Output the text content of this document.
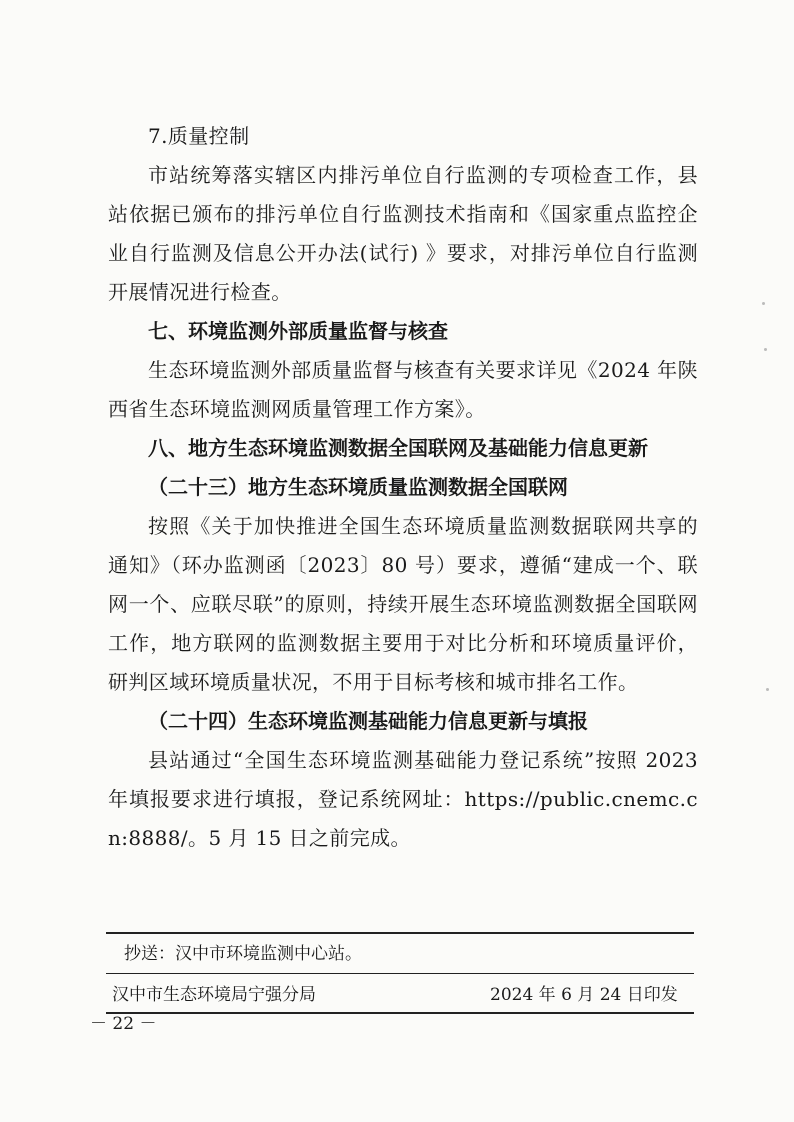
7.质量控制

市站统筹落实辖区内排污单位自行监测的专项检查工作，县站依据已颁布的排污单位自行监测技术指南和《国家重点监控企业自行监测及信息公开办法(试行) 》要求，对排污单位自行监测开展情况进行检查。

七、环境监测外部质量监督与核查

生态环境监测外部质量监督与核查有关要求详见《2024 年陕西省生态环境监测网质量管理工作方案》。

八、地方生态环境监测数据全国联网及基础能力信息更新

（二十三）地方生态环境质量监测数据全国联网

按照《关于加快推进全国生态环境质量监测数据联网共享的通知》（环办监测函〔2023〕80 号）要求，遵循“建成一个、联网一个、应联尽联”的原则，持续开展生态环境监测数据全国联网工作，地方联网的监测数据主要用于对比分析和环境质量评价，研判区域环境质量状况，不用于目标考核和城市排名工作。

（二十四）生态环境监测基础能力信息更新与填报

县站通过“全国生态环境监测基础能力登记系统”按照 2023 年填报要求进行填报，登记系统网址：https://public.cnemc.cn:8888/。5 月 15 日之前完成。

抄送：汉中市环境监测中心站。
汉中市生态环境局宁强分局	2024 年 6 月 24 日印发
－ 22 －
